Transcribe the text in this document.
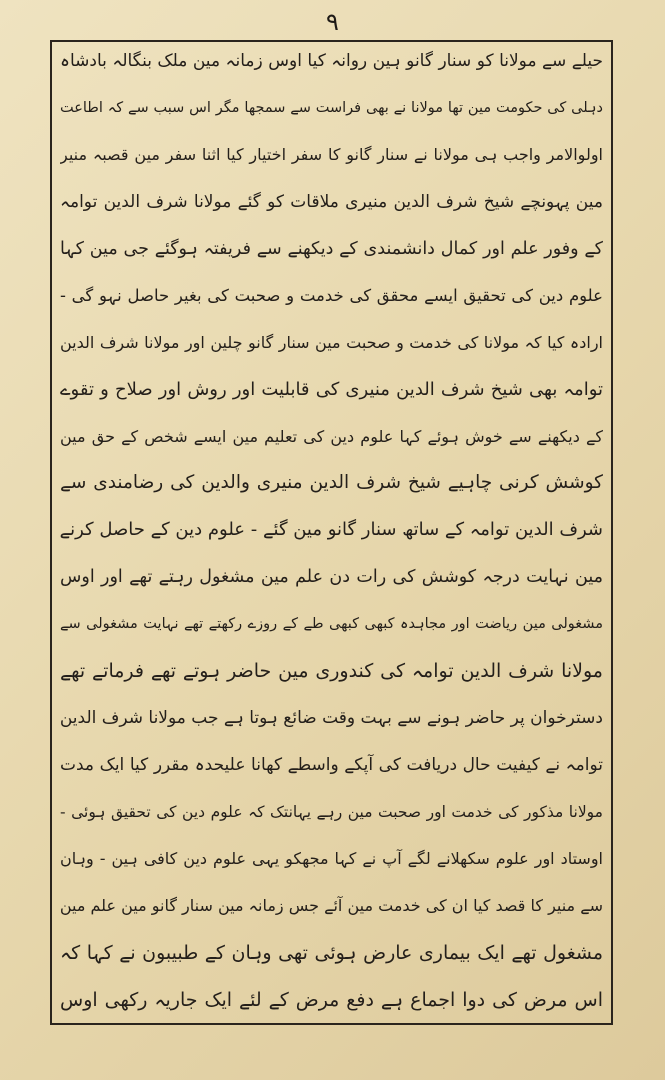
۹
حیلے سے مولانا کو سنار گانو ہین روانہ کیا اوس زمانہ مین ملک بنگالہ بادشاہ
دہلی کی حکومت مین تھا مولانا نے بھی فراست سے سمجھا مگر اس سبب سے کہ اطاعت
اولوالامر واجب ہی مولانا نے سنار گانو کا سفر اختیار کیا اثنا سفر مین قصبہ منیر
مین پہونچے شیخ شرف الدین منیری ملاقات کو گئے مولانا شرف الدین توامہ
کے وفور علم اور کمال دانشمندی کے دیکھنے سے فریفتہ ہوگئے جی مین کہا
علوم دین کی تحقیق ایسے محقق کی خدمت و صحبت کی بغیر حاصل نہو گی -
ارادہ کیا کہ مولانا کی خدمت و صحبت مین سنار گانو چلین اور مولانا شرف الدین
توامہ بھی شیخ شرف الدین منیری کی قابلیت اور روش اور صلاح و تقوے
کے دیکھنے سے خوش ہوئے کہا علوم دین کی تعلیم مین ایسے شخص کے حق مین
کوشش کرنی چاہیے شیخ شرف الدین منیری والدین کی رضامندی سے
شرف الدین توامہ کے ساتھ سنار گانو مین گئے - علوم دین کے حاصل کرنے
مین نہایت درجہ کوشش کی رات دن علم مین مشغول رہتے تھے اور اوس
مشغولی مین ریاضت اور مجاہدہ کبھی کبھی طے کے روزے رکھتے تھے نہایت مشغولی سے
مولانا شرف الدین توامہ کی کندوری مین حاضر ہوتے تھے فرماتے تھے
دسترخوان پر حاضر ہونے سے بہت وقت ضائع ہوتا ہے جب مولانا شرف الدین
توامہ نے کیفیت حال دریافت کی آپکے واسطے کھانا علیحدہ مقرر کیا ایک مدت
مولانا مذکور کی خدمت اور صحبت مین رہے یہانتک کہ علوم دین کی تحقیق ہوئی -
اوستاد اور علوم سکھلانے لگے آپ نے کہا مجھکو یہی علوم دین کافی ہین - وہان
سے منیر کا قصد کیا ان کی خدمت مین آئے جس زمانہ مین سنار گانو مین علم مین
مشغول تھے ایک بیماری عارض ہوئی تھی وہان کے طبیبون نے کہا کہ
اس مرض کی دوا اجماع ہے دفع مرض کے لئے ایک جاریہ رکھی اوس
